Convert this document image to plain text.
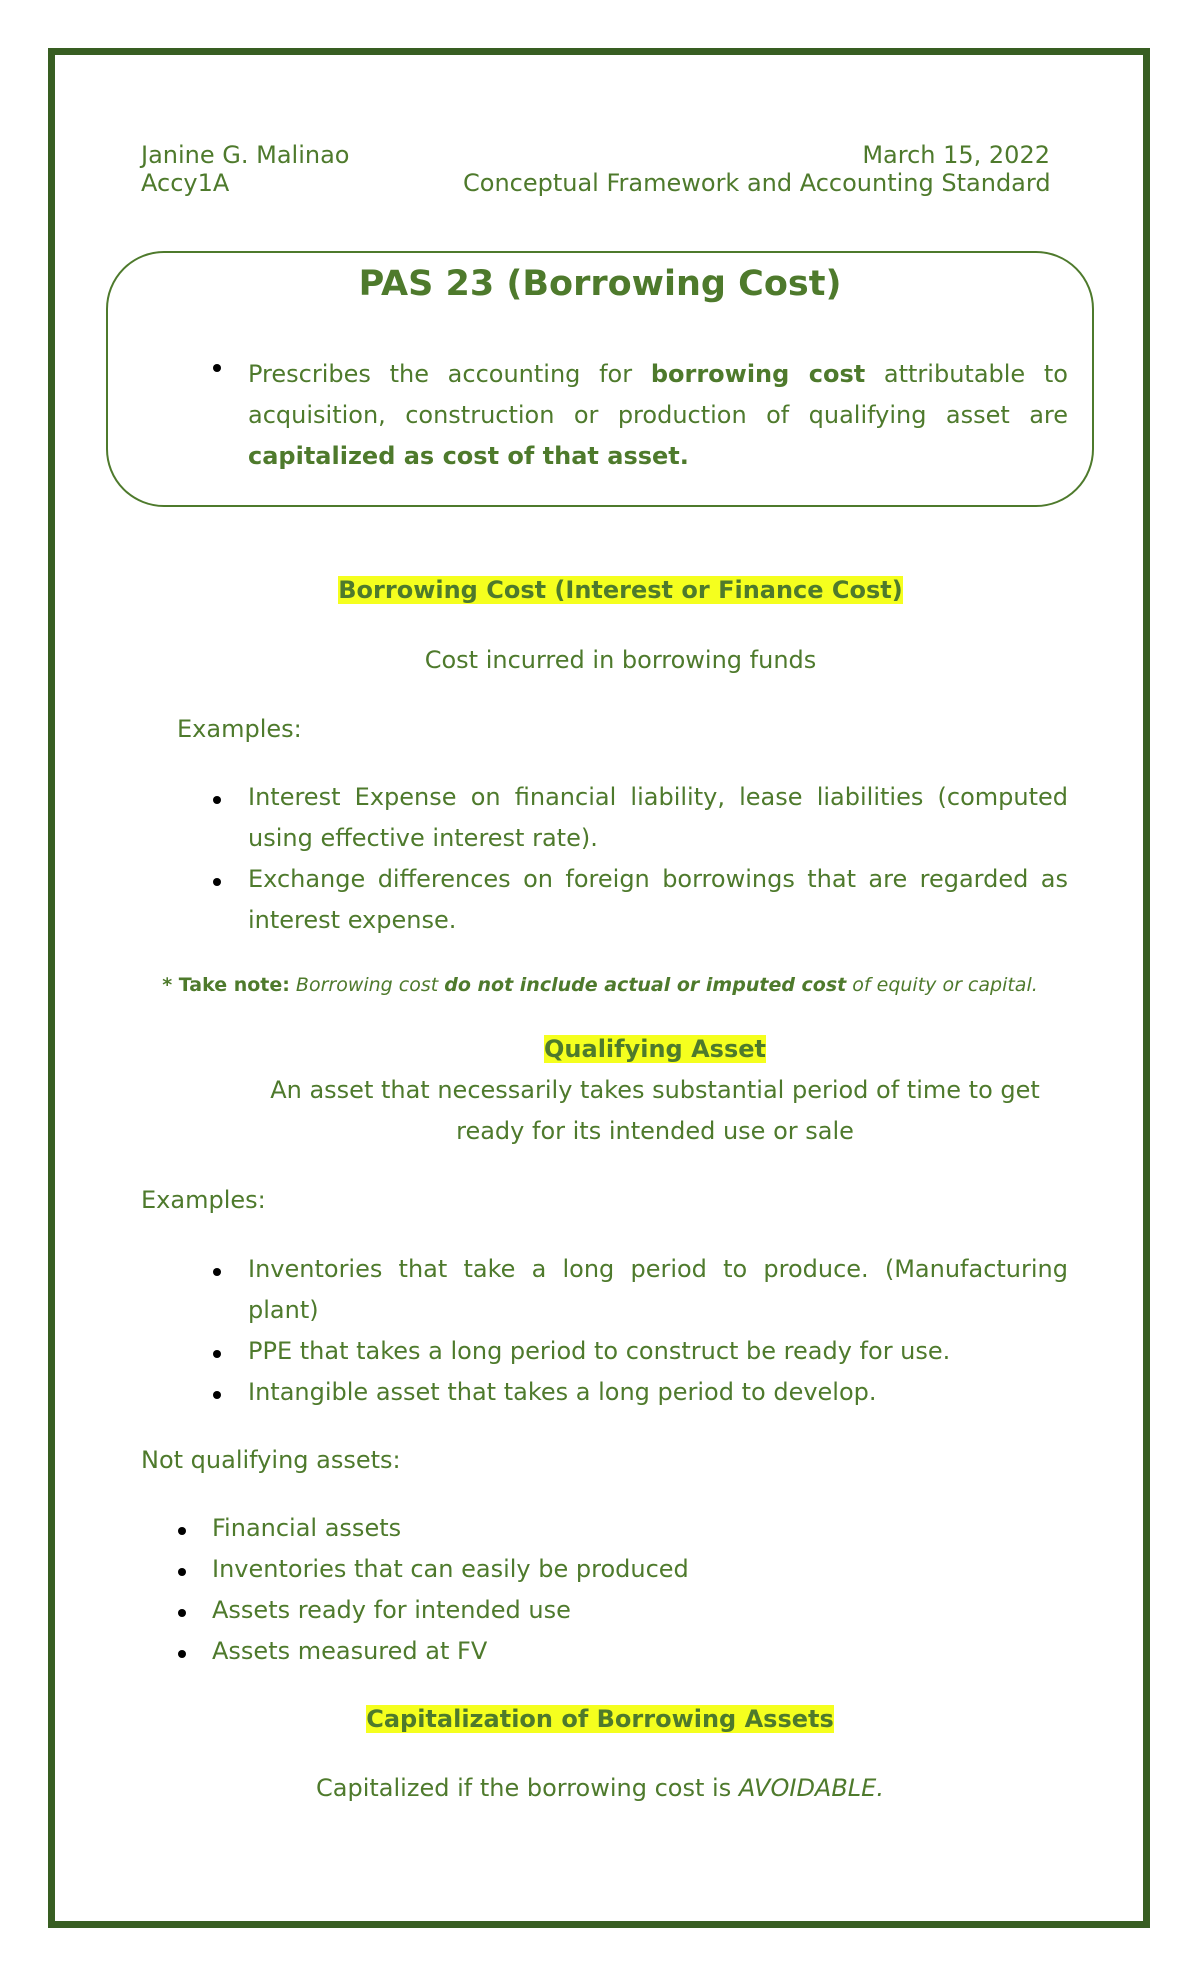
Janine G. Malinao	March 15, 2022
Accy1A	Conceptual Framework and Accounting Standard
PAS 23 (Borrowing Cost)
Prescribes the accounting for borrowing cost attributable to acquisition, construction or production of qualifying asset are capitalized as cost of that asset.
Borrowing Cost (Interest or Finance Cost)
Cost incurred in borrowing funds
Examples:
Interest Expense on financial liability, lease liabilities (computed using effective interest rate).
Exchange differences on foreign borrowings that are regarded as interest expense.
* Take note: Borrowing cost do not include actual or imputed cost of equity or capital.
Qualifying Asset
An asset that necessarily takes substantial period of time to get
ready for its intended use or sale
Examples:
Inventories that take a long period to produce. (Manufacturing plant)
PPE that takes a long period to construct be ready for use.
Intangible asset that takes a long period to develop.
Not qualifying assets:
Financial assets
Inventories that can easily be produced
Assets ready for intended use
Assets measured at FV
Capitalization of Borrowing Assets
Capitalized if the borrowing cost is AVOIDABLE.
